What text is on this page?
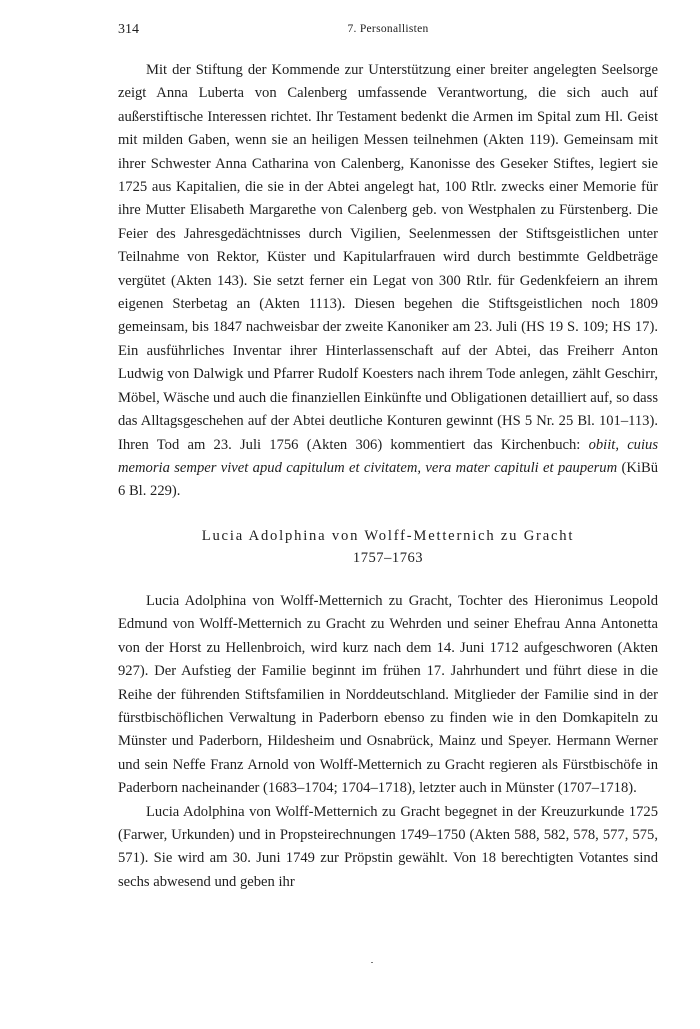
314	7. Personallisten

Mit der Stiftung der Kommende zur Unterstützung einer breiter angelegten Seelsorge zeigt Anna Luberta von Calenberg umfassende Verantwortung, die sich auch auf außerstiftische Interessen richtet. Ihr Testament bedenkt die Armen im Spital zum Hl. Geist mit milden Gaben, wenn sie an heiligen Messen teilnehmen (Akten 119). Gemeinsam mit ihrer Schwester Anna Catharina von Calenberg, Kanonisse des Geseker Stiftes, legiert sie 1725 aus Kapitalien, die sie in der Abtei angelegt hat, 100 Rtlr. zwecks einer Memorie für ihre Mutter Elisabeth Margarethe von Calenberg geb. von Westphalen zu Fürstenberg. Die Feier des Jahresgedächtnisses durch Vigilien, Seelenmessen der Stiftsgeistlichen unter Teilnahme von Rektor, Küster und Kapitularfrauen wird durch bestimmte Geldbeträge vergütet (Akten 143). Sie setzt ferner ein Legat von 300 Rtlr. für Gedenkfeiern an ihrem eigenen Sterbetag an (Akten 1113). Diesen begehen die Stiftsgeistlichen noch 1809 gemeinsam, bis 1847 nachweisbar der zweite Kanoniker am 23. Juli (HS 19 S. 109; HS 17). Ein ausführliches Inventar ihrer Hinterlassenschaft auf der Abtei, das Freiherr Anton Ludwig von Dalwigk und Pfarrer Rudolf Koesters nach ihrem Tode anlegen, zählt Geschirr, Möbel, Wäsche und auch die finanziellen Einkünfte und Obligationen detailliert auf, so dass das Alltagsgeschehen auf der Abtei deutliche Konturen gewinnt (HS 5 Nr. 25 Bl. 101–113). Ihren Tod am 23. Juli 1756 (Akten 306) kommentiert das Kirchenbuch: obiit, cuius memoria semper vivet apud capitulum et civitatem, vera mater capituli et pauperum (KiBü 6 Bl. 229).

Lucia Adolphina von Wolff-Metternich zu Gracht
1757–1763

Lucia Adolphina von Wolff-Metternich zu Gracht, Tochter des Hieronimus Leopold Edmund von Wolff-Metternich zu Gracht zu Wehrden und seiner Ehefrau Anna Antonetta von der Horst zu Hellenbroich, wird kurz nach dem 14. Juni 1712 aufgeschworen (Akten 927). Der Aufstieg der Familie beginnt im frühen 17. Jahrhundert und führt diese in die Reihe der führenden Stiftsfamilien in Norddeutschland. Mitglieder der Familie sind in der fürstbischöflichen Verwaltung in Paderborn ebenso zu finden wie in den Domkapiteln zu Münster und Paderborn, Hildesheim und Osnabrück, Mainz und Speyer. Hermann Werner und sein Neffe Franz Arnold von Wolff-Metternich zu Gracht regieren als Fürstbischöfe in Paderborn nacheinander (1683–1704; 1704–1718), letzter auch in Münster (1707–1718).

Lucia Adolphina von Wolff-Metternich zu Gracht begegnet in der Kreuzurkunde 1725 (Farwer, Urkunden) und in Propsteirechnungen 1749–1750 (Akten 588, 582, 578, 577, 575, 571). Sie wird am 30. Juni 1749 zur Pröpstin gewählt. Von 18 berechtigten Votantes sind sechs abwesend und geben ihr
